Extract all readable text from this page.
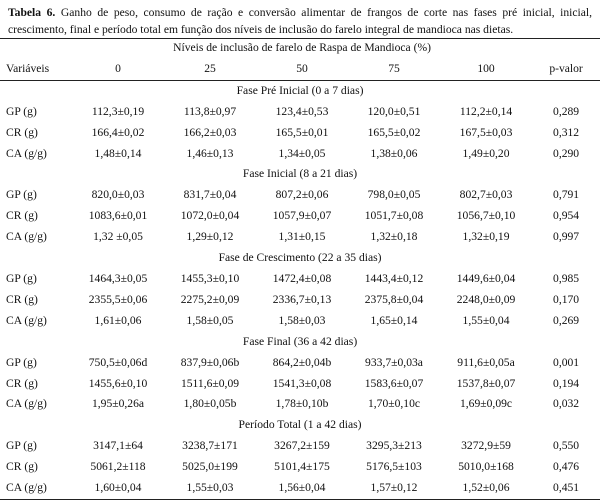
Tabela 6. Ganho de peso, consumo de ração e conversão alimentar de frangos de corte nas fases pré inicial, inicial, crescimento, final e período total em função dos níveis de inclusão do farelo integral de mandioca nas dietas.
	Níveis de inclusão de farelo de Raspa de Mandioca (%)					
Variáveis	0	25	50	75	100	p-valor
Fase Pré Inicial (0 a 7 dias)						
GP (g)	112,3±0,19	113,8±0,97	123,4±0,53	120,0±0,51	112,2±0,14	0,289
CR (g)	166,4±0,02	166,2±0,03	165,5±0,01	165,5±0,02	167,5±0,03	0,312
CA (g/g)	1,48±0,14	1,46±0,13	1,34±0,05	1,38±0,06	1,49±0,20	0,290
Fase Inicial (8 a 21 dias)						
GP (g)	820,0±0,03	831,7±0,04	807,2±0,06	798,0±0,05	802,7±0,03	0,791
CR (g)	1083,6±0,01	1072,0±0,04	1057,9±0,07	1051,7±0,08	1056,7±0,10	0,954
CA (g/g)	1,32 ±0,05	1,29±0,12	1,31±0,15	1,32±0,18	1,32±0,19	0,997
Fase de Crescimento (22 a 35 dias)						
GP (g)	1464,3±0,05	1455,3±0,10	1472,4±0,08	1443,4±0,12	1449,6±0,04	0,985
CR (g)	2355,5±0,06	2275,2±0,09	2336,7±0,13	2375,8±0,04	2248,0±0,09	0,170
CA (g/g)	1,61±0,06	1,58±0,05	1,58±0,03	1,65±0,14	1,55±0,04	0,269
Fase Final (36 a 42 dias)						
GP (g)	750,5±0,06d	837,9±0,06b	864,2±0,04b	933,7±0,03a	911,6±0,05a	0,001
CR (g)	1455,6±0,10	1511,6±0,09	1541,3±0,08	1583,6±0,07	1537,8±0,07	0,194
CA (g/g)	1,95±0,26a	1,80±0,05b	1,78±0,10b	1,70±0,10c	1,69±0,09c	0,032
Período Total (1 a 42 dias)						
GP (g)	3147,1±64	3238,7±171	3267,2±159	3295,3±213	3272,9±59	0,550
CR (g)	5061,2±118	5025,0±199	5101,4±175	5176,5±103	5010,0±168	0,476
CA (g/g)	1,60±0,04	1,55±0,03	1,56±0,04	1,57±0,12	1,52±0,06	0,451
